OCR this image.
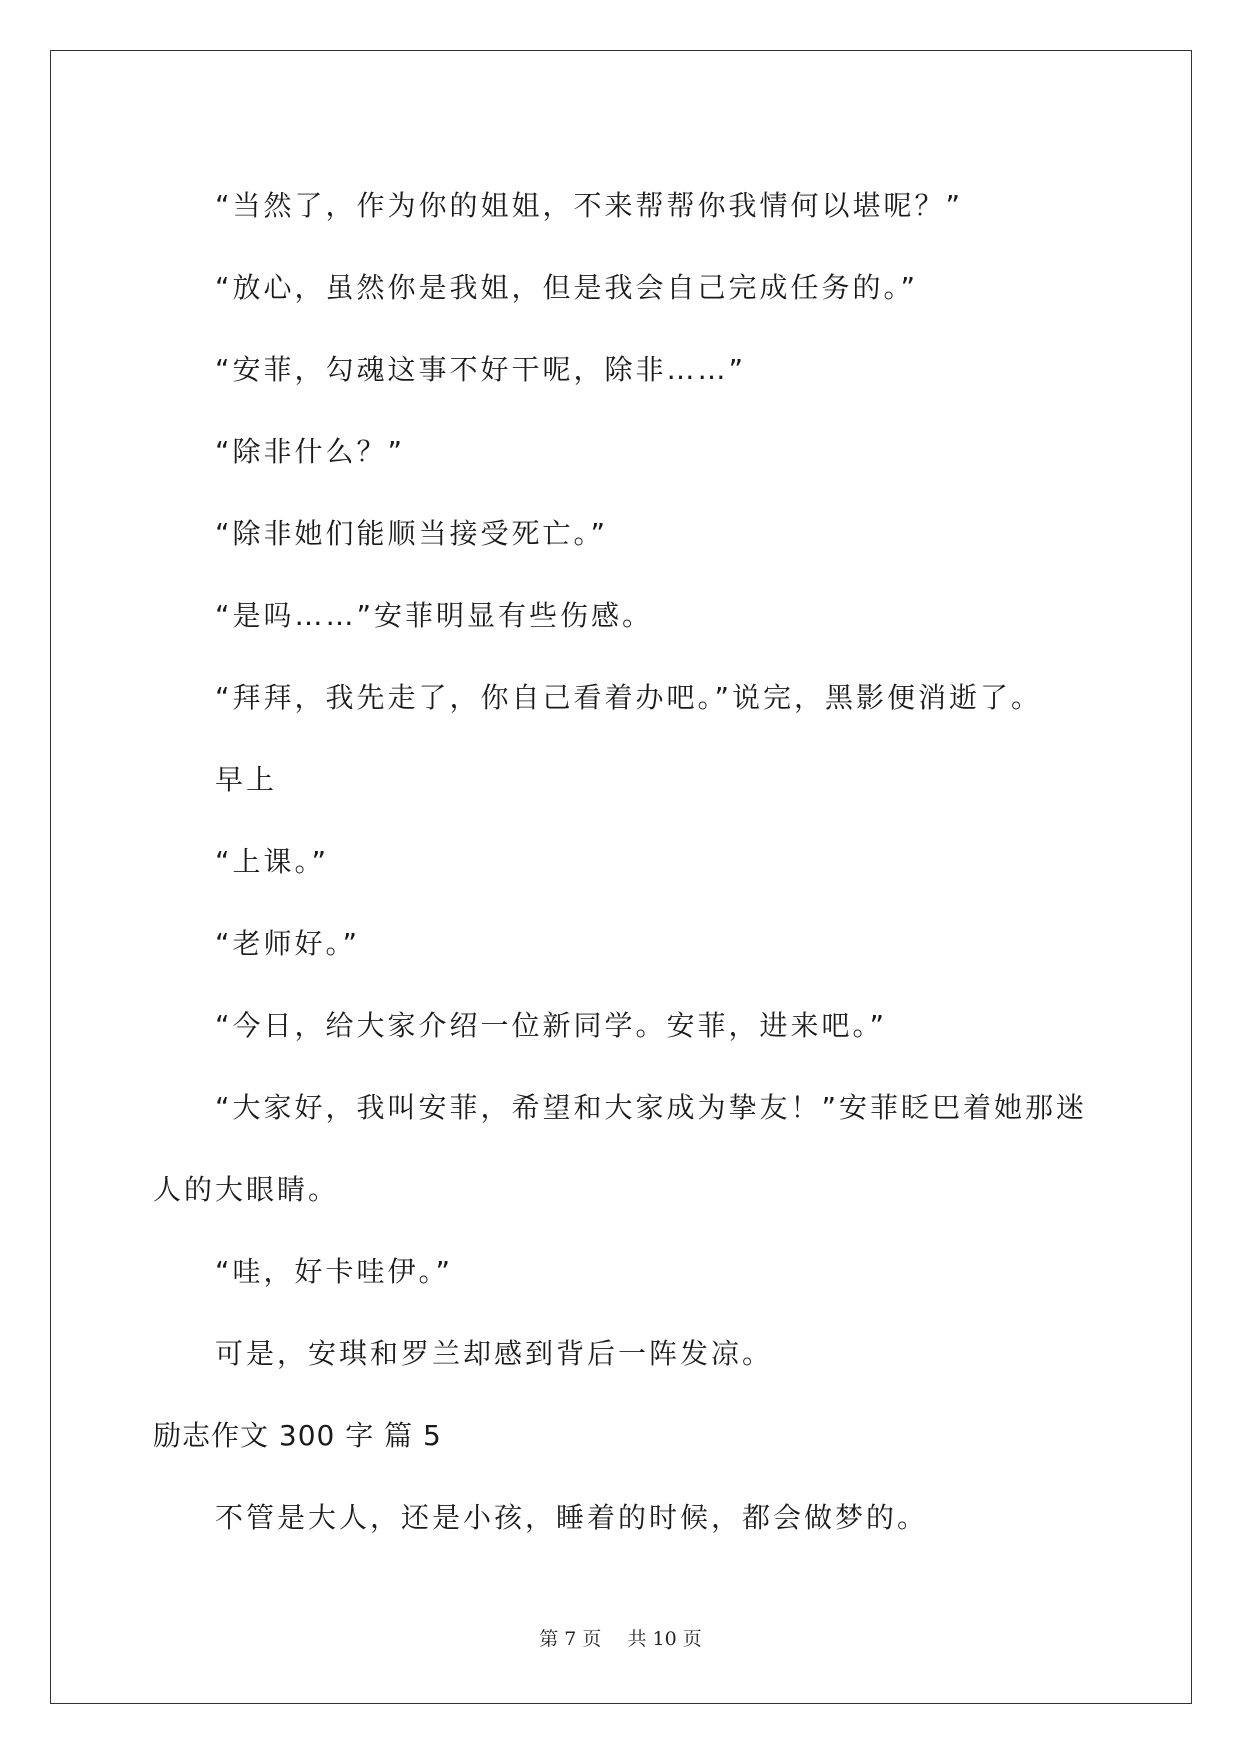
“当然了，作为你的姐姐，不来帮帮你我情何以堪呢？”

“放心，虽然你是我姐，但是我会自己完成任务的。”

“安菲，勾魂这事不好干呢，除非……”

“除非什么？”

“除非她们能顺当接受死亡。”

“是吗……”安菲明显有些伤感。

“拜拜，我先走了，你自己看着办吧。”说完，黑影便消逝了。

早上

“上课。”

“老师好。”

“今日，给大家介绍一位新同学。安菲，进来吧。”

“大家好，我叫安菲，希望和大家成为挚友！”安菲眨巴着她那迷人的大眼睛。

“哇，好卡哇伊。”

可是，安琪和罗兰却感到背后一阵发凉。

励志作文 300 字 篇 5

不管是大人，还是小孩，睡着的时候，都会做梦的。

第 7 页 共 10 页
